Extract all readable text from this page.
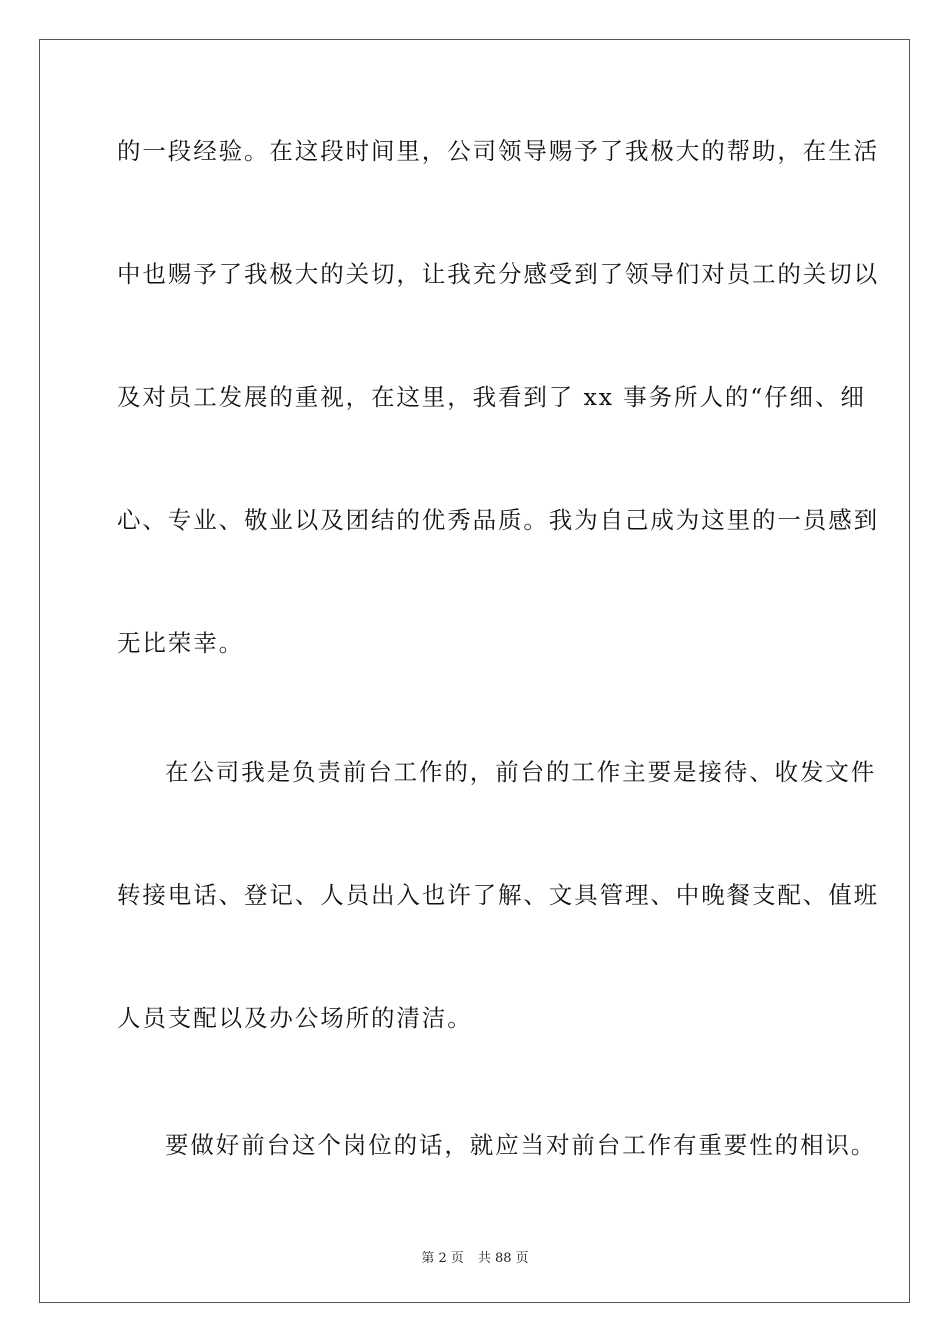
的一段经验。在这段时间里，公司领导赐予了我极大的帮助，在生活
中也赐予了我极大的关切，让我充分感受到了领导们对员工的关切以
及对员工发展的重视，在这里，我看到了 xx 事务所人的“仔细、细
心、专业、敬业以及团结的优秀品质。我为自己成为这里的一员感到
无比荣幸。
在公司我是负责前台工作的，前台的工作主要是接待、收发文件
转接电话、登记、人员出入也许了解、文具管理、中晚餐支配、值班
人员支配以及办公场所的清洁。
要做好前台这个岗位的话，就应当对前台工作有重要性的相识。
第 2 页 共 88 页
